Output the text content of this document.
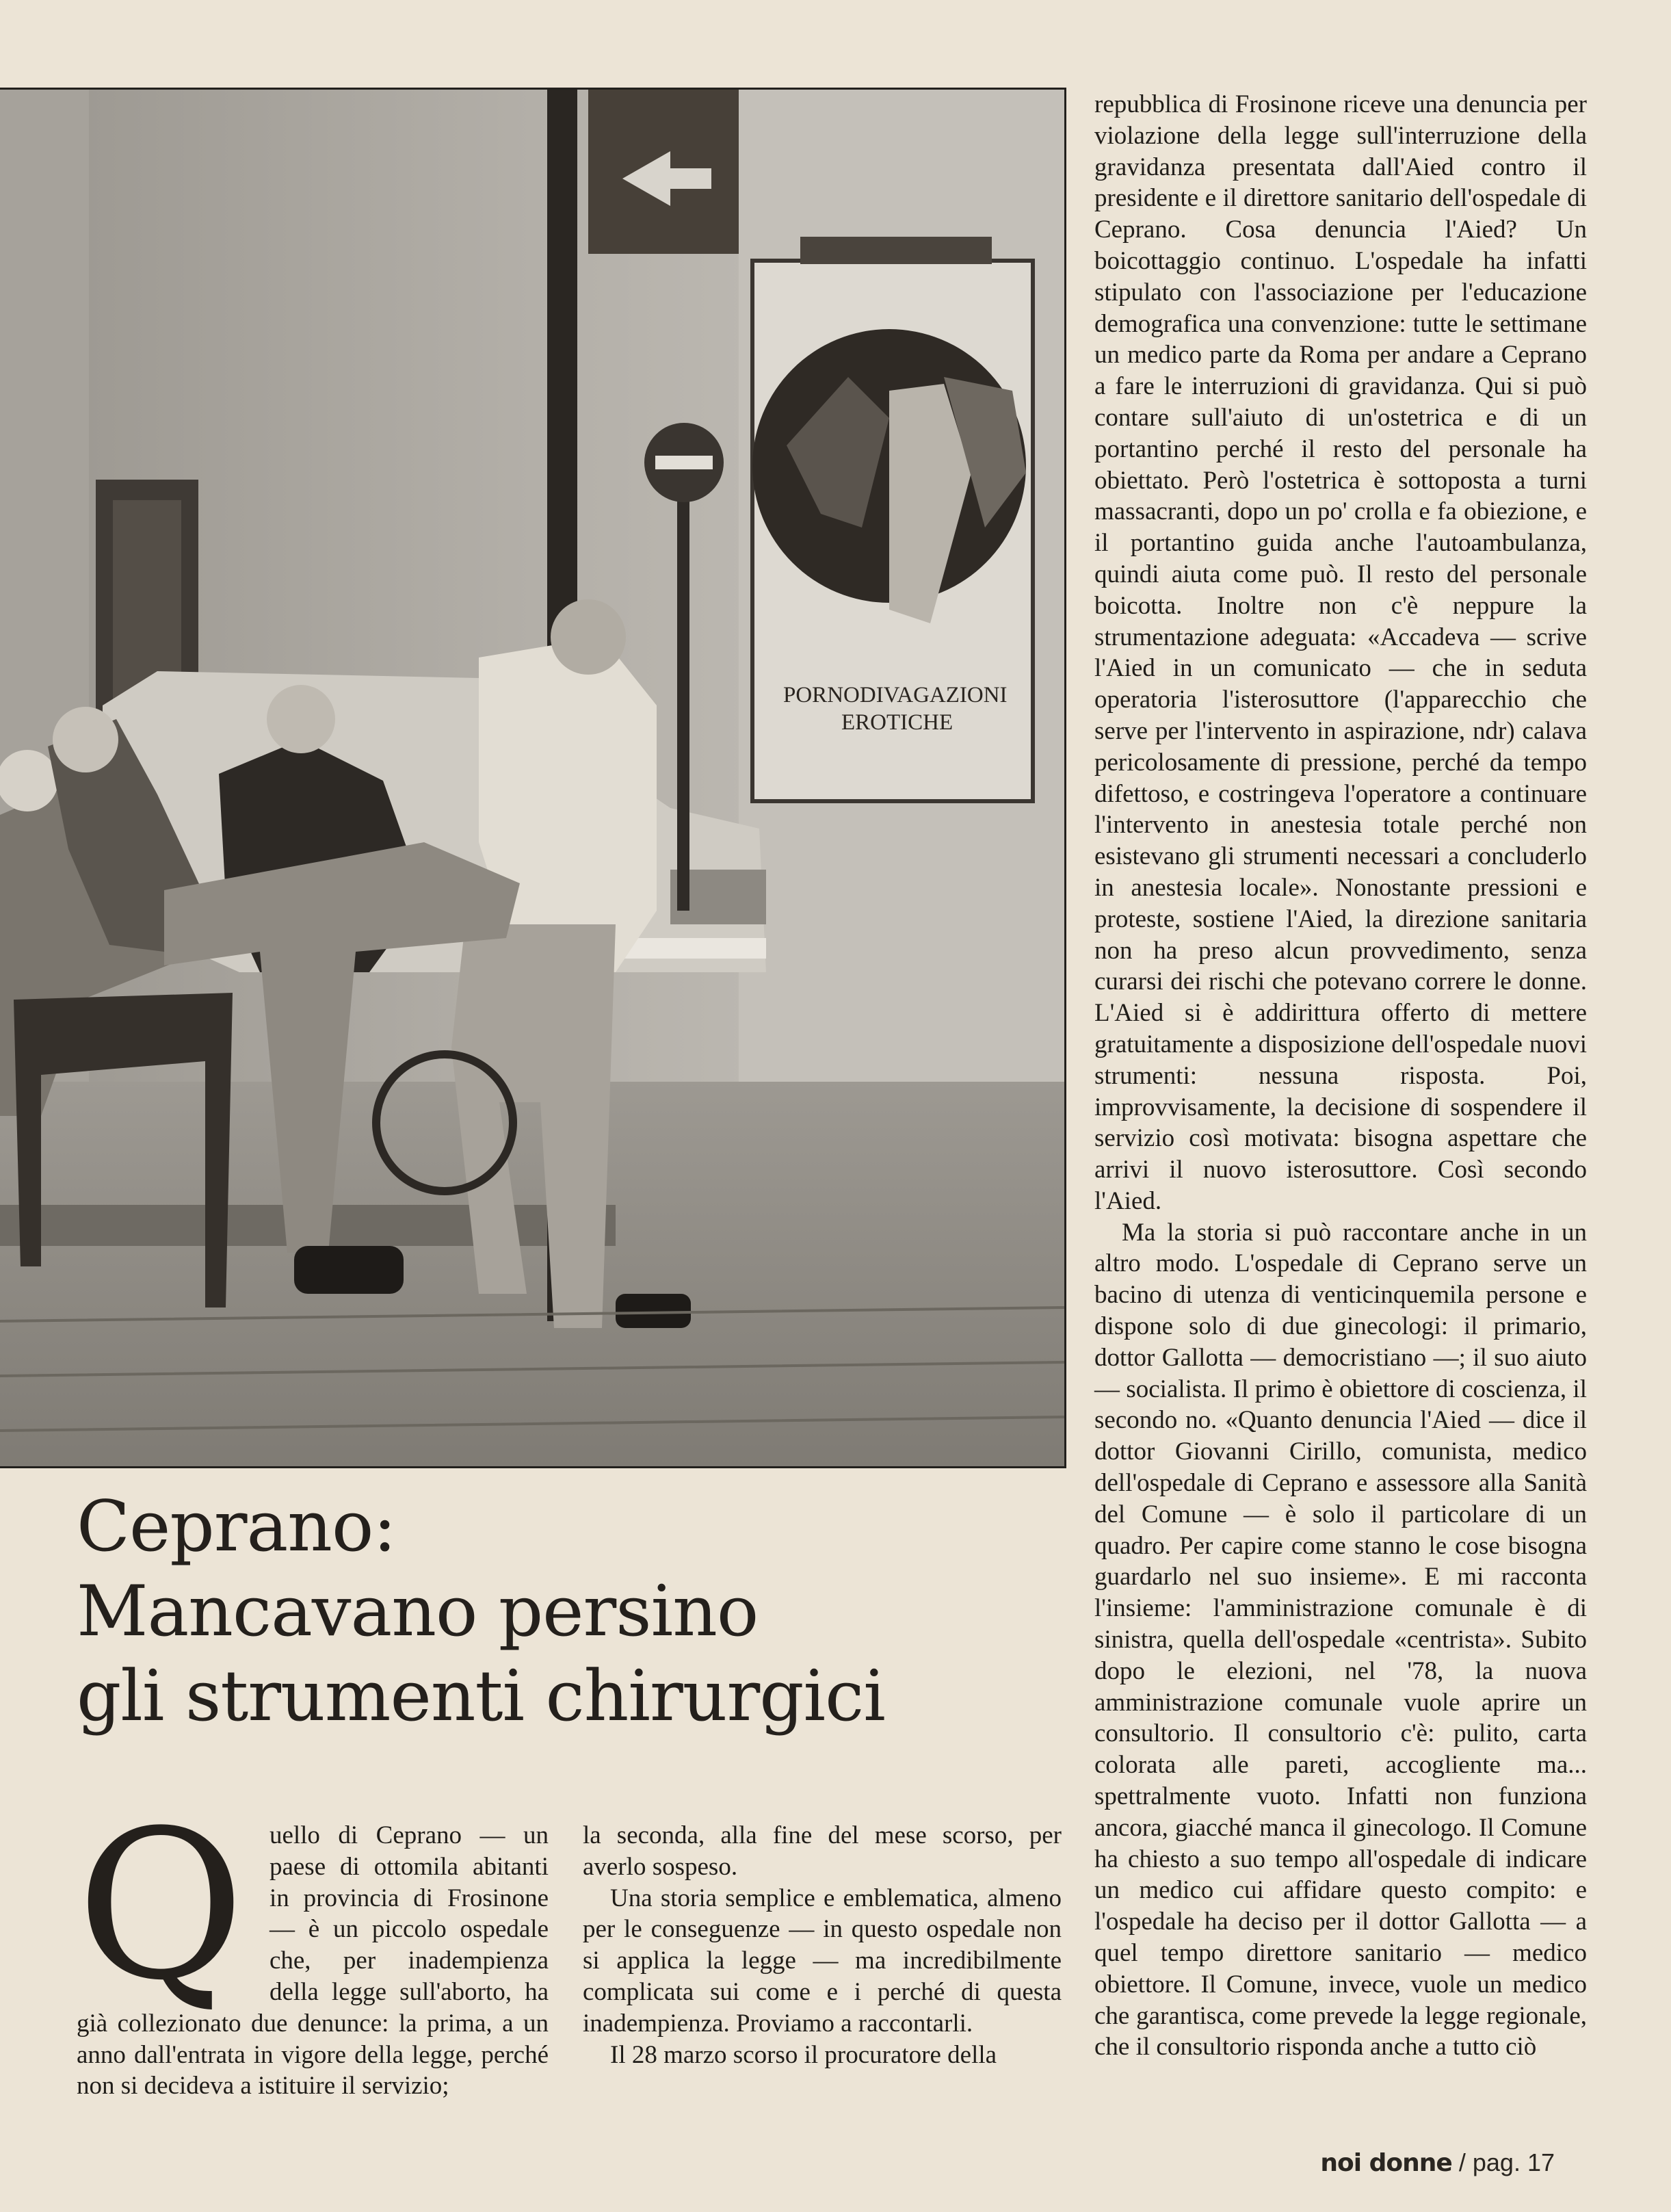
PORNODIVAGAZIONI
EROTICHE
Ceprano:
Mancavano persino
gli strumenti chirurgici
Q uello di Ceprano — un paese di ottomila abitanti in provincia di Frosinone — è un piccolo ospedale che, per inadempienza della legge sull'aborto, ha già collezionato due denunce: la prima, a un anno dall'entrata in vigore della legge, perché non si decideva a istituire il servizio;

la seconda, alla fine del mese scorso, per averlo sospeso.

Una storia semplice e emblematica, almeno per le conseguenze — in questo ospedale non si applica la legge — ma incredibilmente complicata sui come e i perché di questa inadempienza. Proviamo a raccontarli.

Il 28 marzo scorso il procuratore della

repubblica di Frosinone riceve una denuncia per violazione della legge sull'interruzione della gravidanza presentata dall'Aied contro il presidente e il direttore sanitario dell'ospedale di Ceprano. Cosa denuncia l'Aied? Un boicottaggio continuo. L'ospedale ha infatti stipulato con l'associazione per l'educazione demografica una convenzione: tutte le settimane un medico parte da Roma per andare a Ceprano a fare le interruzioni di gravidanza. Qui si può contare sull'aiuto di un'ostetrica e di un portantino perché il resto del personale ha obiettato. Però l'ostetrica è sottoposta a turni massacranti, dopo un po' crolla e fa obiezione, e il portantino guida anche l'autoambulanza, quindi aiuta come può. Il resto del personale boicotta. Inoltre non c'è neppure la strumentazione adeguata: «Accadeva — scrive l'Aied in un comunicato — che in seduta operatoria l'isterosuttore (l'apparecchio che serve per l'intervento in aspirazione, ndr) calava pericolosamente di pressione, perché da tempo difettoso, e costringeva l'operatore a continuare l'intervento in anestesia totale perché non esistevano gli strumenti necessari a concluderlo in anestesia locale». Nonostante pressioni e proteste, sostiene l'Aied, la direzione sanitaria non ha preso alcun provvedimento, senza curarsi dei rischi che potevano correre le donne. L'Aied si è addirittura offerto di mettere gratuitamente a disposizione dell'ospedale nuovi strumenti: nessuna risposta. Poi, improvvisamente, la decisione di sospendere il servizio così motivata: bisogna aspettare che arrivi il nuovo isterosuttore. Così secondo l'Aied.

Ma la storia si può raccontare anche in un altro modo. L'ospedale di Ceprano serve un bacino di utenza di venticinquemila persone e dispone solo di due ginecologi: il primario, dottor Gallotta — democristiano —; il suo aiuto — socialista. Il primo è obiettore di coscienza, il secondo no. «Quanto denuncia l'Aied — dice il dottor Giovanni Cirillo, comunista, medico dell'ospedale di Ceprano e assessore alla Sanità del Comune — è solo il particolare di un quadro. Per capire come stanno le cose bisogna guardarlo nel suo insieme». E mi racconta l'insieme: l'amministrazione comunale è di sinistra, quella dell'ospedale «centrista». Subito dopo le elezioni, nel '78, la nuova amministrazione comunale vuole aprire un consultorio. Il consultorio c'è: pulito, carta colorata alle pareti, accogliente ma... spettralmente vuoto. Infatti non funziona ancora, giacché manca il ginecologo. Il Comune ha chiesto a suo tempo all'ospedale di indicare un medico cui affidare questo compito: e l'ospedale ha deciso per il dottor Gallotta — a quel tempo direttore sanitario — medico obiettore. Il Comune, invece, vuole un medico che garantisca, come prevede la legge regionale, che il consultorio risponda anche a tutto ciò

noi donne / pag. 17
